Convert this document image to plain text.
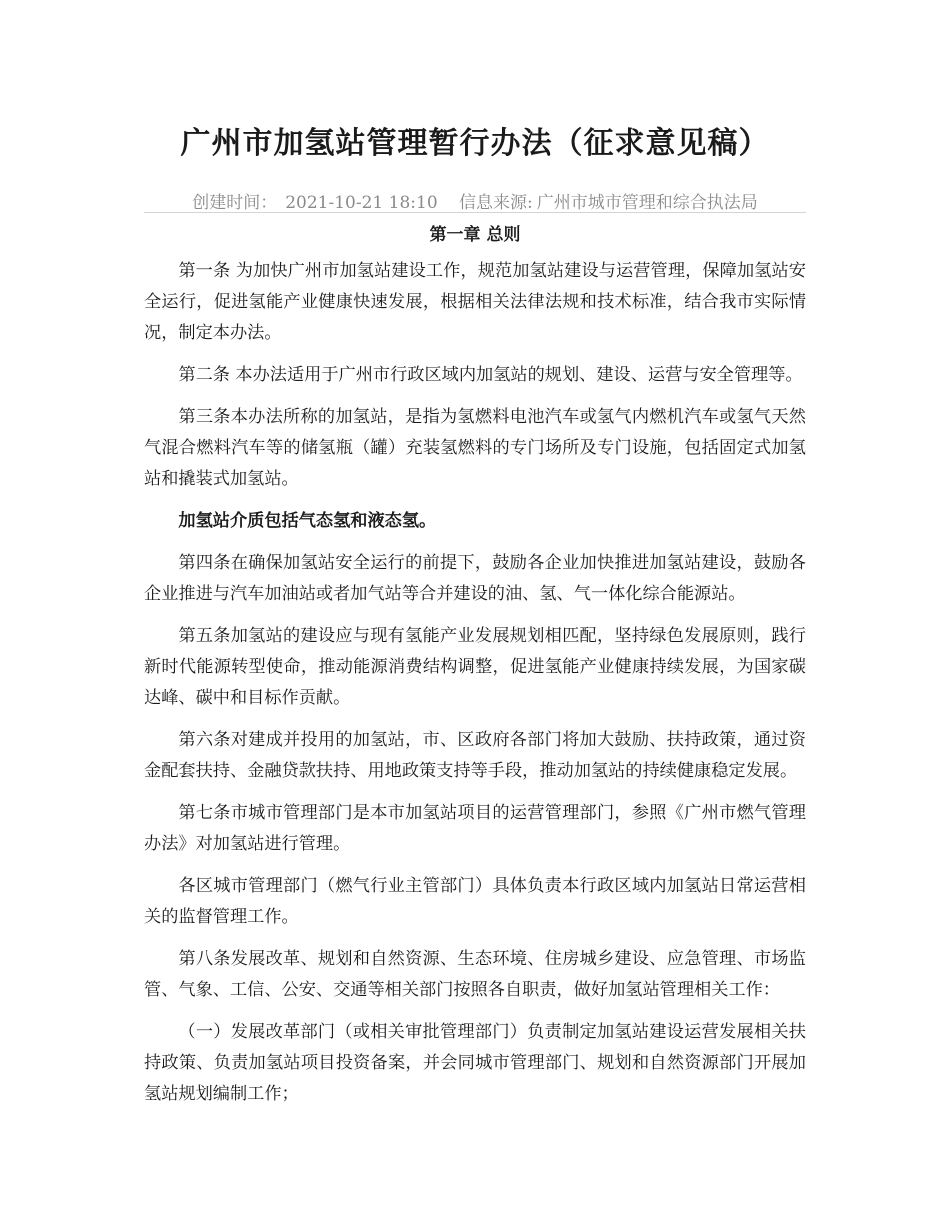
广州市加氢站管理暂行办法（征求意见稿）
创建时间： 2021-10-21 18:10 信息来源: 广州市城市管理和综合执法局
第一章 总则

第一条 为加快广州市加氢站建设工作，规范加氢站建设与运营管理，保障加氢站安全运行，促进氢能产业健康快速发展，根据相关法律法规和技术标准，结合我市实际情况，制定本办法。

第二条 本办法适用于广州市行政区域内加氢站的规划、建设、运营与安全管理等。

第三条本办法所称的加氢站，是指为氢燃料电池汽车或氢气内燃机汽车或氢气天然气混合燃料汽车等的储氢瓶（罐）充装氢燃料的专门场所及专门设施，包括固定式加氢站和撬装式加氢站。

加氢站介质包括气态氢和液态氢。

第四条在确保加氢站安全运行的前提下，鼓励各企业加快推进加氢站建设，鼓励各企业推进与汽车加油站或者加气站等合并建设的油、氢、气一体化综合能源站。

第五条加氢站的建设应与现有氢能产业发展规划相匹配，坚持绿色发展原则，践行新时代能源转型使命，推动能源消费结构调整，促进氢能产业健康持续发展，为国家碳达峰、碳中和目标作贡献。

第六条对建成并投用的加氢站，市、区政府各部门将加大鼓励、扶持政策，通过资金配套扶持、金融贷款扶持、用地政策支持等手段，推动加氢站的持续健康稳定发展。

第七条市城市管理部门是本市加氢站项目的运营管理部门，参照《广州市燃气管理办法》对加氢站进行管理。

各区城市管理部门（燃气行业主管部门）具体负责本行政区域内加氢站日常运营相关的监督管理工作。

第八条发展改革、规划和自然资源、生态环境、住房城乡建设、应急管理、市场监管、气象、工信、公安、交通等相关部门按照各自职责，做好加氢站管理相关工作：

（一）发展改革部门（或相关审批管理部门）负责制定加氢站建设运营发展相关扶持政策、负责加氢站项目投资备案，并会同城市管理部门、规划和自然资源部门开展加氢站规划编制工作；
